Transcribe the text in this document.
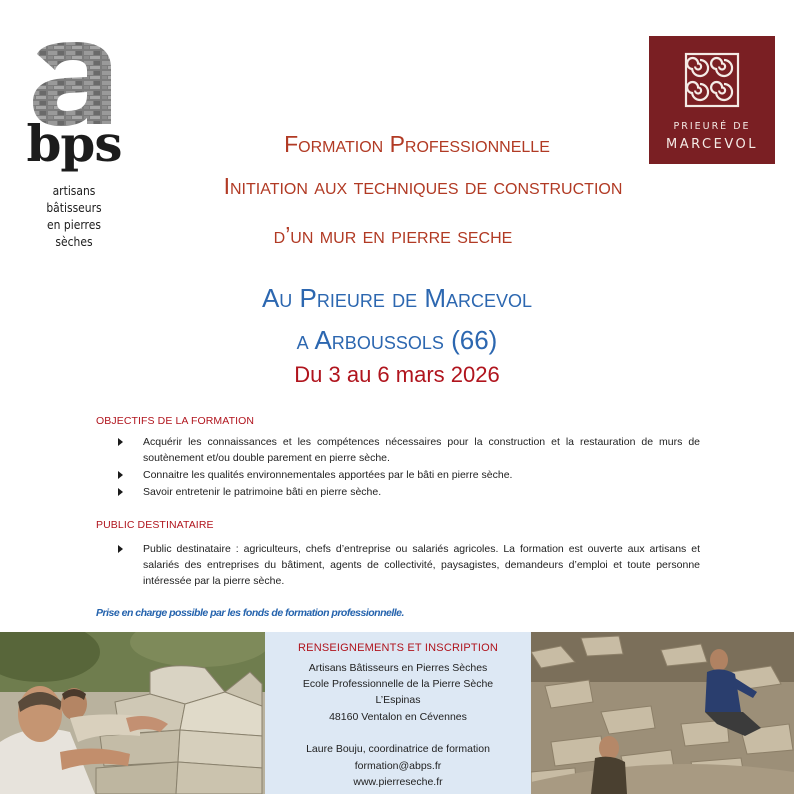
bps
artisans bâtisseurs
en pierres sèches
PRIEURÉ DE
MARCEVOL
Formation Professionnelle
Initiation aux techniques de construction
d’un mur en pierre seche
Au Prieure de Marcevol
a Arboussols (66)
Du 3 au 6 mars 2026
OBJECTIFS DE LA FORMATION
Acquérir les connaissances et les compétences nécessaires pour la construction et la restauration de murs de soutènement et/ou double parement en pierre sèche.
Connaitre les qualités environnementales apportées par le bâti en pierre sèche.
Savoir entretenir le patrimoine bâti en pierre sèche.
PUBLIC DESTINATAIRE
Public destinataire : agriculteurs, chefs d’entreprise ou salariés agricoles. La formation est ouverte aux artisans et salariés des entreprises du bâtiment, agents de collectivité, paysagistes, demandeurs d’emploi et toute personne intéressée par la pierre sèche.
Prise en charge possible par les fonds de formation professionnelle.
RENSEIGNEMENTS ET INSCRIPTION
Artisans Bâtisseurs en Pierres Sèches
Ecole Professionnelle de la Pierre Sèche
L’Espinas
48160 Ventalon en Cévennes
Laure Bouju, coordinatrice de formation
formation@abps.fr
www.pierreseche.fr
